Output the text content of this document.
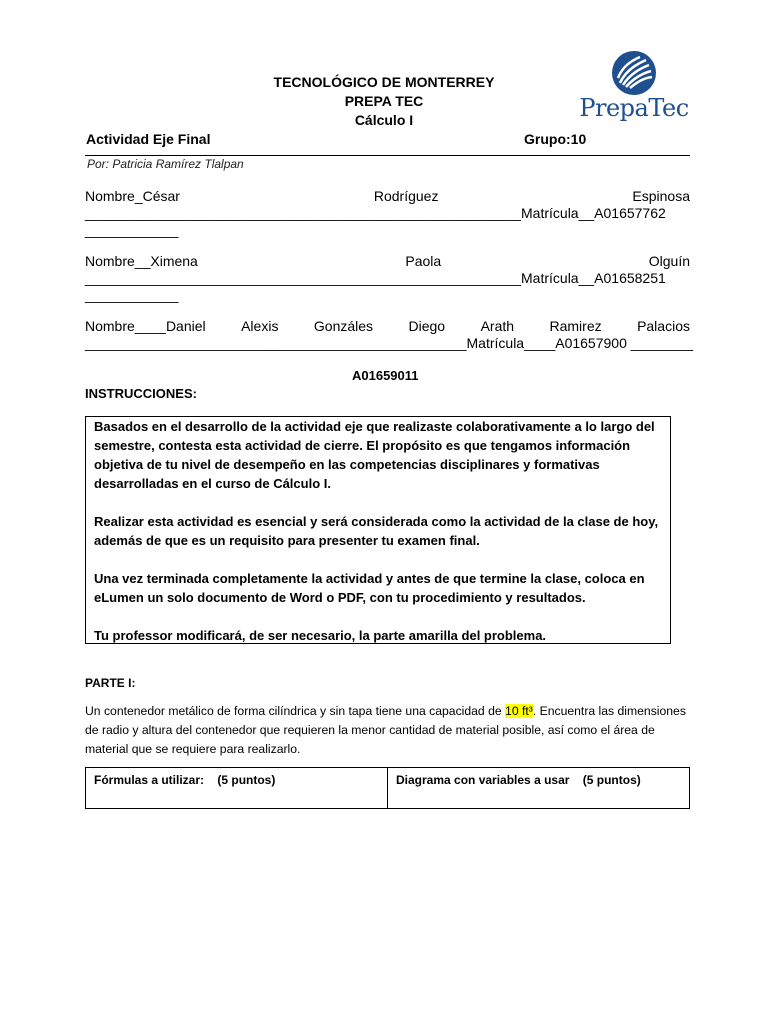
TECNOLÓGICO DE MONTERREY
PREPA TEC
Cálculo I	PrepaTec
Actividad Eje Final	Grupo:10
Por: Patricia Ramírez Tlalpan
Nombre_César	Rodríguez	Espinosa
________________________________________________________Matrícula__A01657762
____________
Nombre__Ximena	Paola	Olguín
________________________________________________________Matrícula__A01658251
____________
Nombre____Daniel	Alexis	Gonzáles	Diego	Arath	Ramirez	Palacios
_________________________________________________Matrícula____A01657900 ________
A01659011
INSTRUCCIONES:

Basados en el desarrollo de la actividad eje que realizaste colaborativamente a lo largo del semestre, contesta esta actividad de cierre. El propósito es que tengamos información objetiva de tu nivel de desempeño en las competencias disciplinares y formativas desarrolladas en el curso de Cálculo I.

Realizar esta actividad es esencial y será considerada como la actividad de la clase de hoy, además de que es un requisito para presenter tu examen final.

Una vez terminada completamente la actividad y antes de que termine la clase, coloca en eLumen un solo documento de Word o PDF, con tu procedimiento y resultados.

Tu professor modificará, de ser necesario, la parte amarilla del problema.

PARTE I:
Un contenedor metálico de forma cilíndrica y sin tapa tiene una capacidad de 10 ft³. Encuentra las dimensiones de radio y altura del contenedor que requieren la menor cantidad de material posible, así como el área de material que se requiere para realizarlo.
Fórmulas a utilizar:    (5 puntos)	Diagrama con variables a usar    (5 puntos)
